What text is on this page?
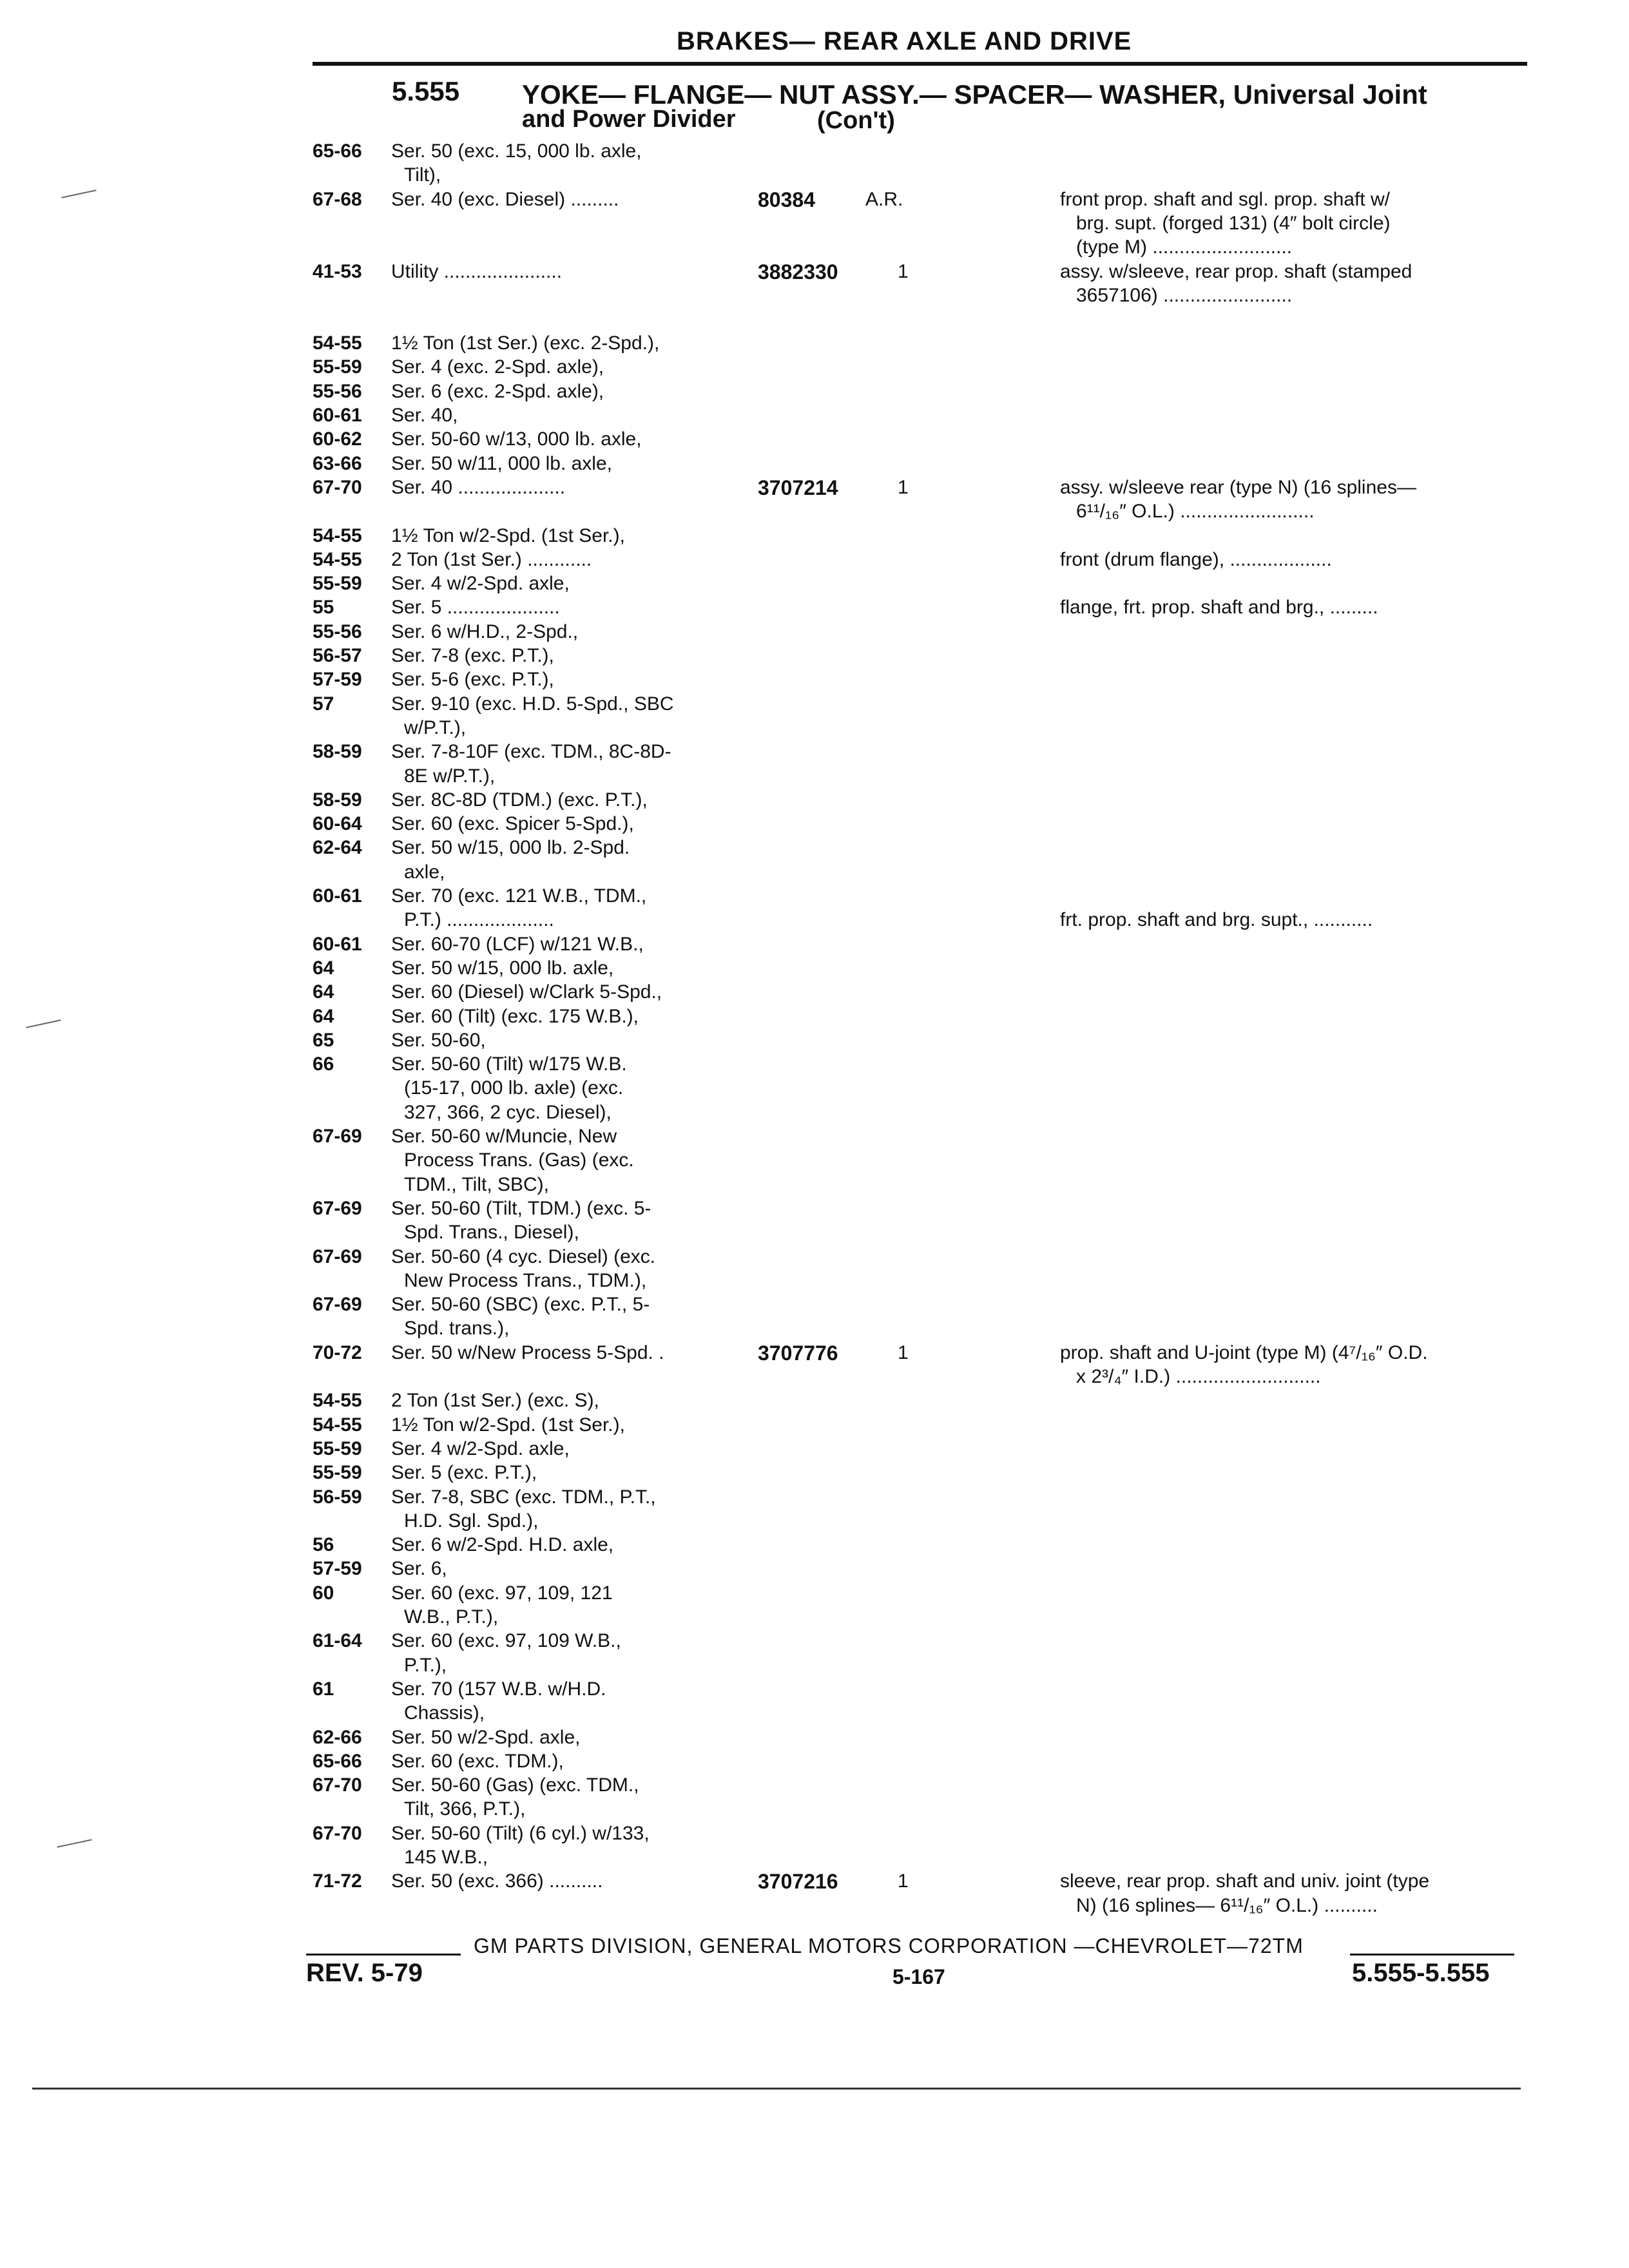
BRAKES— REAR AXLE AND DRIVE
5.555 YOKE— FLANGE— NUT ASSY.— SPACER— WASHER, Universal Joint
and Power Divider	(Con't)
65-66 Ser. 50 (exc. 15, 000 lb. axle,
Tilt),
67-68 Ser. 40 (exc. Diesel) .........	80384	A.R.	front prop. shaft and sgl. prop. shaft w/
brg. supt. (forged 131) (4″ bolt circle)
(type M) ..........................
41-53 Utility ......................	3882330	1	assy. w/sleeve, rear prop. shaft (stamped
3657106) ........................
54-55 1½ Ton (1st Ser.) (exc. 2-Spd.),
55-59 Ser. 4 (exc. 2-Spd. axle),
55-56 Ser. 6 (exc. 2-Spd. axle),
60-61 Ser. 40,
60-62 Ser. 50-60 w/13, 000 lb. axle,
63-66 Ser. 50 w/11, 000 lb. axle,
67-70 Ser. 40 ....................	3707214	1	assy. w/sleeve rear (type N) (16 splines—
6¹¹/₁₆″ O.L.) .........................
54-55 1½ Ton w/2-Spd. (1st Ser.),
54-55 2 Ton (1st Ser.) ............	front (drum flange), ...................
55-59 Ser. 4 w/2-Spd. axle,
55	Ser. 5 .....................	flange, frt. prop. shaft and brg., .........
55-56 Ser. 6 w/H.D., 2-Spd.,
56-57 Ser. 7-8 (exc. P.T.),
57-59 Ser. 5-6 (exc. P.T.),
57	Ser. 9-10 (exc. H.D. 5-Spd., SBC
w/P.T.),
58-59 Ser. 7-8-10F (exc. TDM., 8C-8D-
8E w/P.T.),
58-59 Ser. 8C-8D (TDM.) (exc. P.T.),
60-64 Ser. 60 (exc. Spicer 5-Spd.),
62-64 Ser. 50 w/15, 000 lb. 2-Spd.
axle,
60-61 Ser. 70 (exc. 121 W.B., TDM.,
P.T.) ....................	frt. prop. shaft and brg. supt., ...........
60-61 Ser. 60-70 (LCF) w/121 W.B.,
64	Ser. 50 w/15, 000 lb. axle,
64	Ser. 60 (Diesel) w/Clark 5-Spd.,
64	Ser. 60 (Tilt) (exc. 175 W.B.),
65	Ser. 50-60,
66	Ser. 50-60 (Tilt) w/175 W.B.
(15-17, 000 lb. axle) (exc.
327, 366, 2 cyc. Diesel),
67-69 Ser. 50-60 w/Muncie, New
Process Trans. (Gas) (exc.
TDM., Tilt, SBC),
67-69 Ser. 50-60 (Tilt, TDM.) (exc. 5-
Spd. Trans., Diesel),
67-69 Ser. 50-60 (4 cyc. Diesel) (exc.
New Process Trans., TDM.),
67-69 Ser. 50-60 (SBC) (exc. P.T., 5-
Spd. trans.),
70-72 Ser. 50 w/New Process 5-Spd. .	3707776	1	prop. shaft and U-joint (type M) (4⁷/₁₆″ O.D.
x 2³/₄″ I.D.) ...........................
54-55 2 Ton (1st Ser.) (exc. S),
54-55 1½ Ton w/2-Spd. (1st Ser.),
55-59 Ser. 4 w/2-Spd. axle,
55-59 Ser. 5 (exc. P.T.),
56-59 Ser. 7-8, SBC (exc. TDM., P.T.,
H.D. Sgl. Spd.),
56	Ser. 6 w/2-Spd. H.D. axle,
57-59 Ser. 6,
60	Ser. 60 (exc. 97, 109, 121
W.B., P.T.),
61-64 Ser. 60 (exc. 97, 109 W.B.,
P.T.),
61	Ser. 70 (157 W.B. w/H.D.
Chassis),
62-66 Ser. 50 w/2-Spd. axle,
65-66 Ser. 60 (exc. TDM.),
67-70 Ser. 50-60 (Gas) (exc. TDM.,
Tilt, 366, P.T.),
67-70 Ser. 50-60 (Tilt) (6 cyl.) w/133,
145 W.B.,
71-72 Ser. 50 (exc. 366) ..........	3707216	1	sleeve, rear prop. shaft and univ. joint (type
N) (16 splines— 6¹¹/₁₆″ O.L.) ..........
GM PARTS DIVISION, GENERAL MOTORS CORPORATION —CHEVROLET—72TM
REV. 5-79	5-167	5.555-5.555
